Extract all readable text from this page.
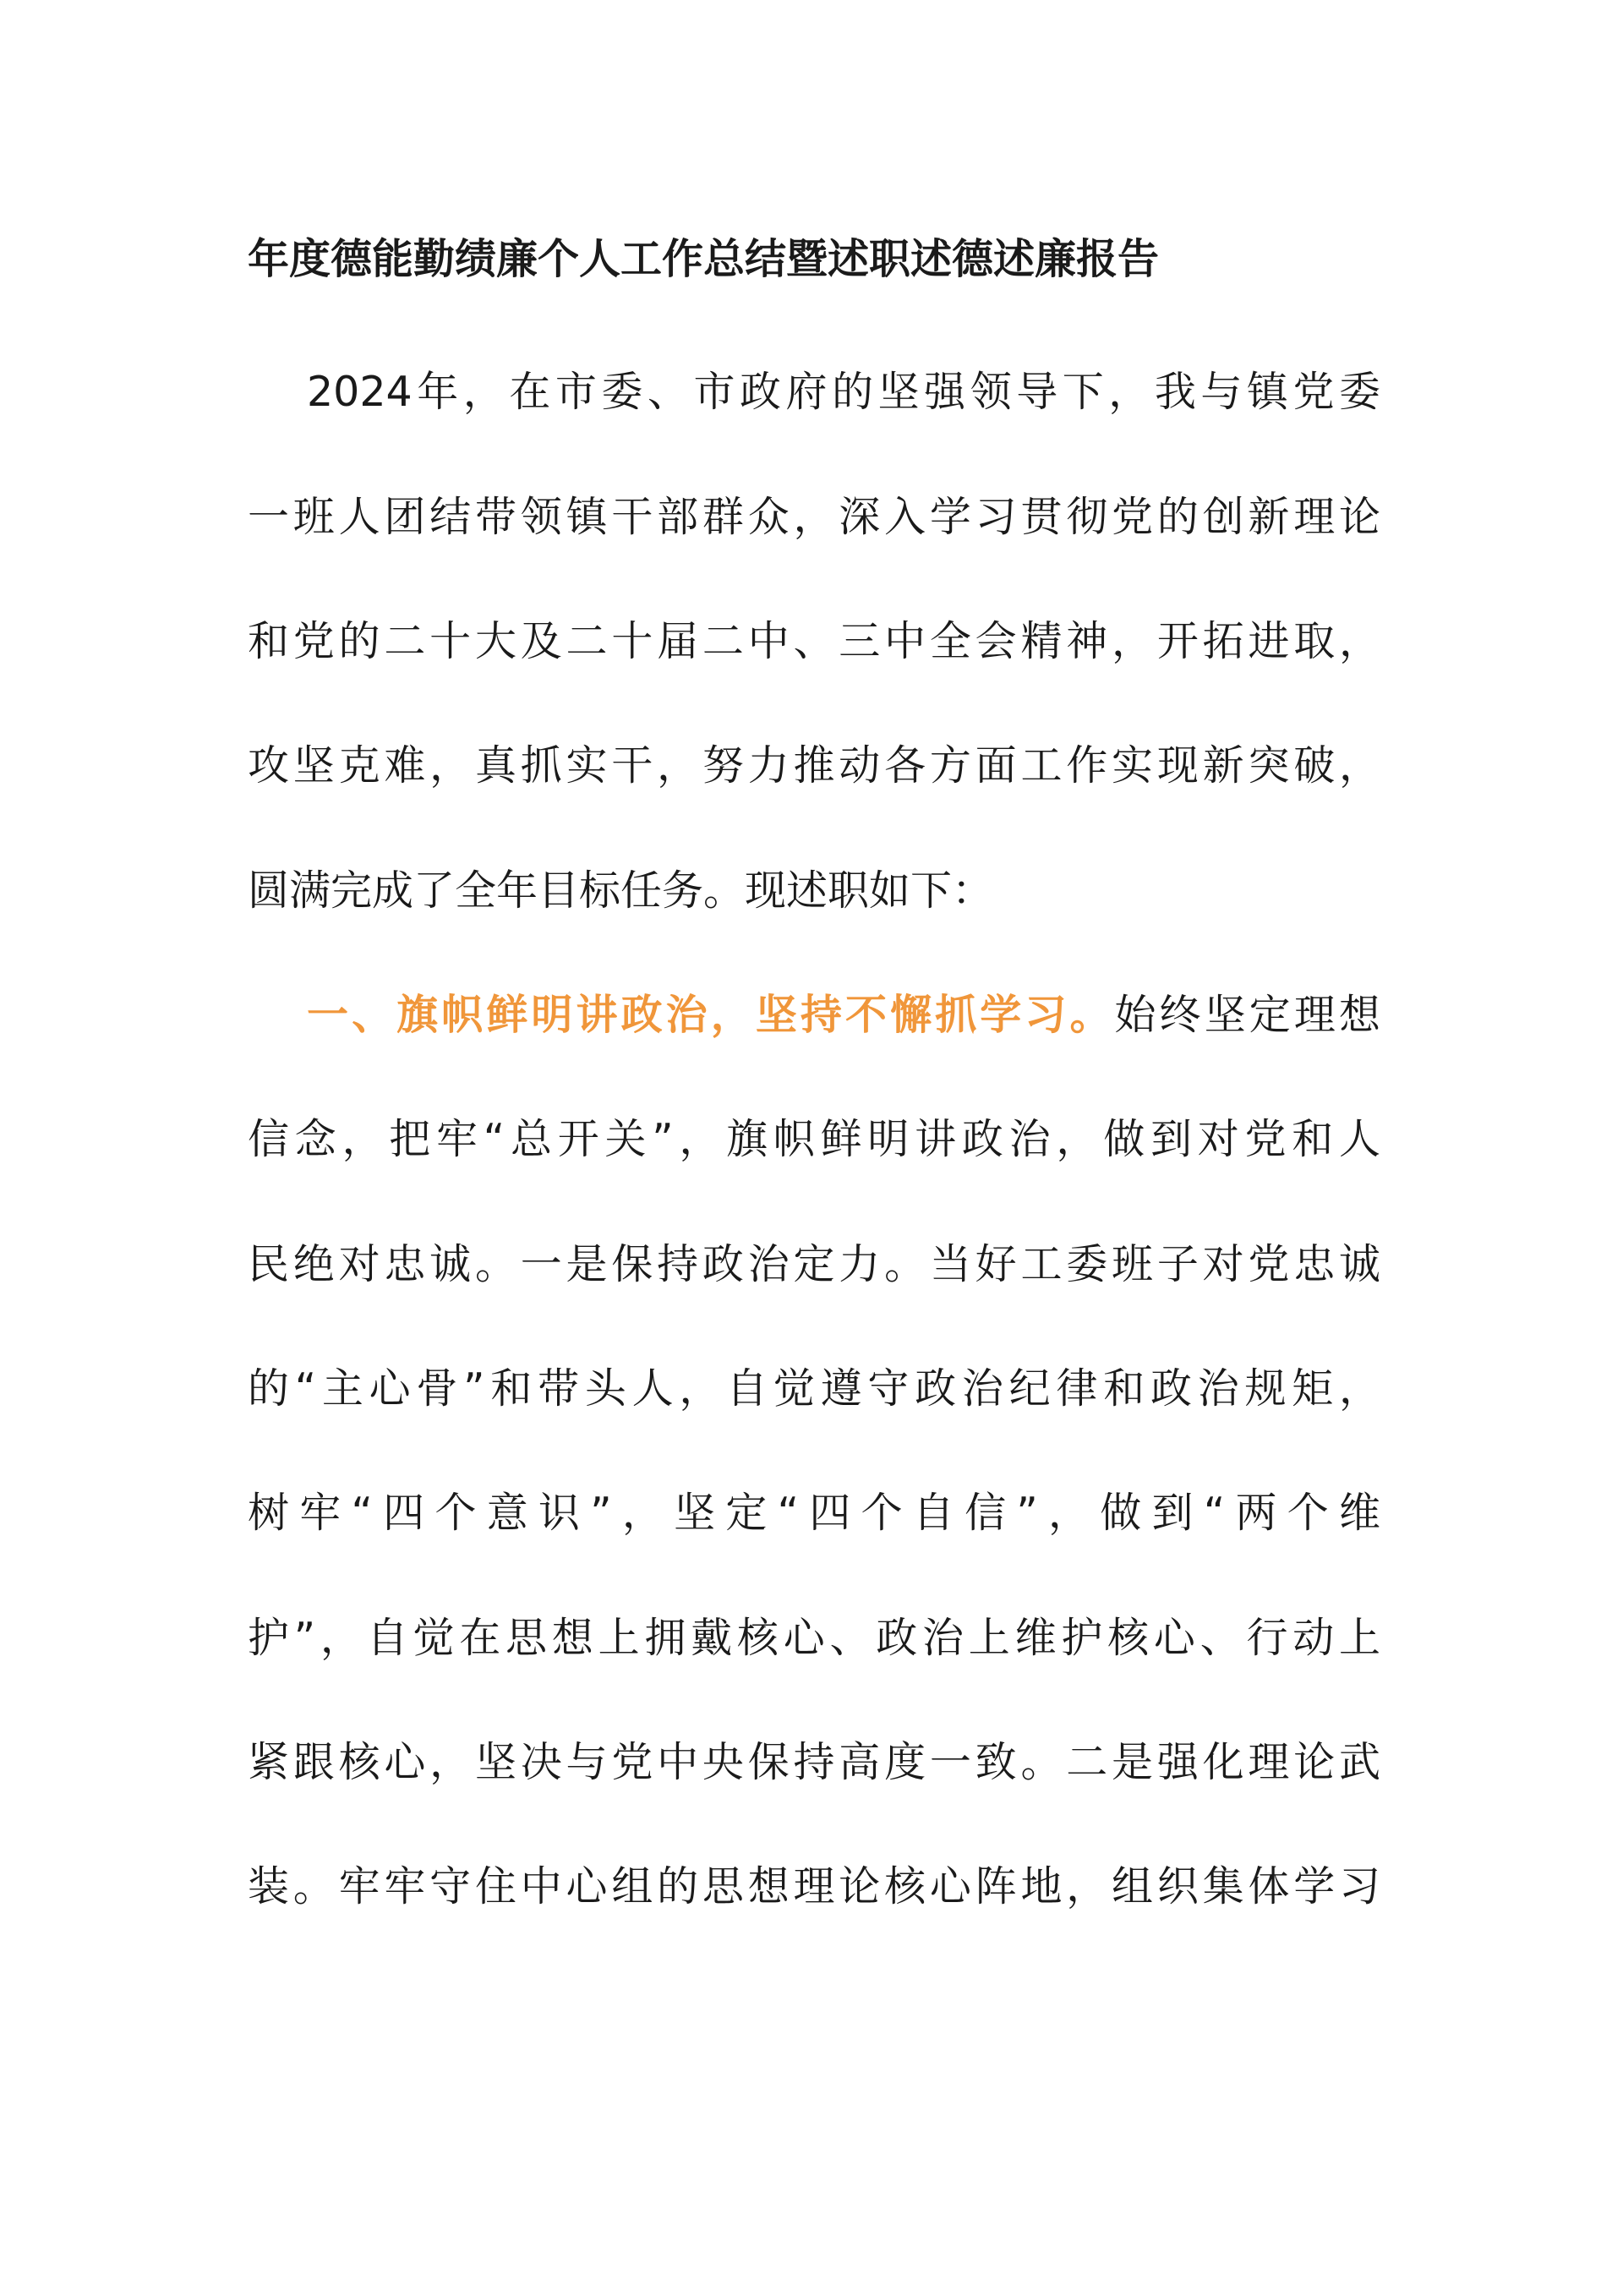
年度德能勤绩廉个人工作总结暨述职述德述廉报告

2024年，在市委、市政府的坚强领导下，我与镇党委

一班人团结带领镇干部群众，深入学习贯彻党的创新理论

和党的二十大及二十届二中、三中全会精神，开拓进取，

攻坚克难，真抓实干，努力推动各方面工作实现新突破，

圆满完成了全年目标任务。现述职如下：

一、旗帜鲜明讲政治，坚持不懈抓学习。始终坚定理想

信念，把牢“总开关”，旗帜鲜明讲政治，做到对党和人

民绝对忠诚。一是保持政治定力。当好工委班子对党忠诚

的“主心骨”和带头人，自觉遵守政治纪律和政治规矩，

树牢“四个意识”，坚定“四个自信”，做到“两个维

护”，自觉在思想上拥戴核心、政治上维护核心、行动上

紧跟核心，坚决与党中央保持高度一致。二是强化理论武

装。牢牢守住中心组的思想理论核心阵地，组织集体学习
